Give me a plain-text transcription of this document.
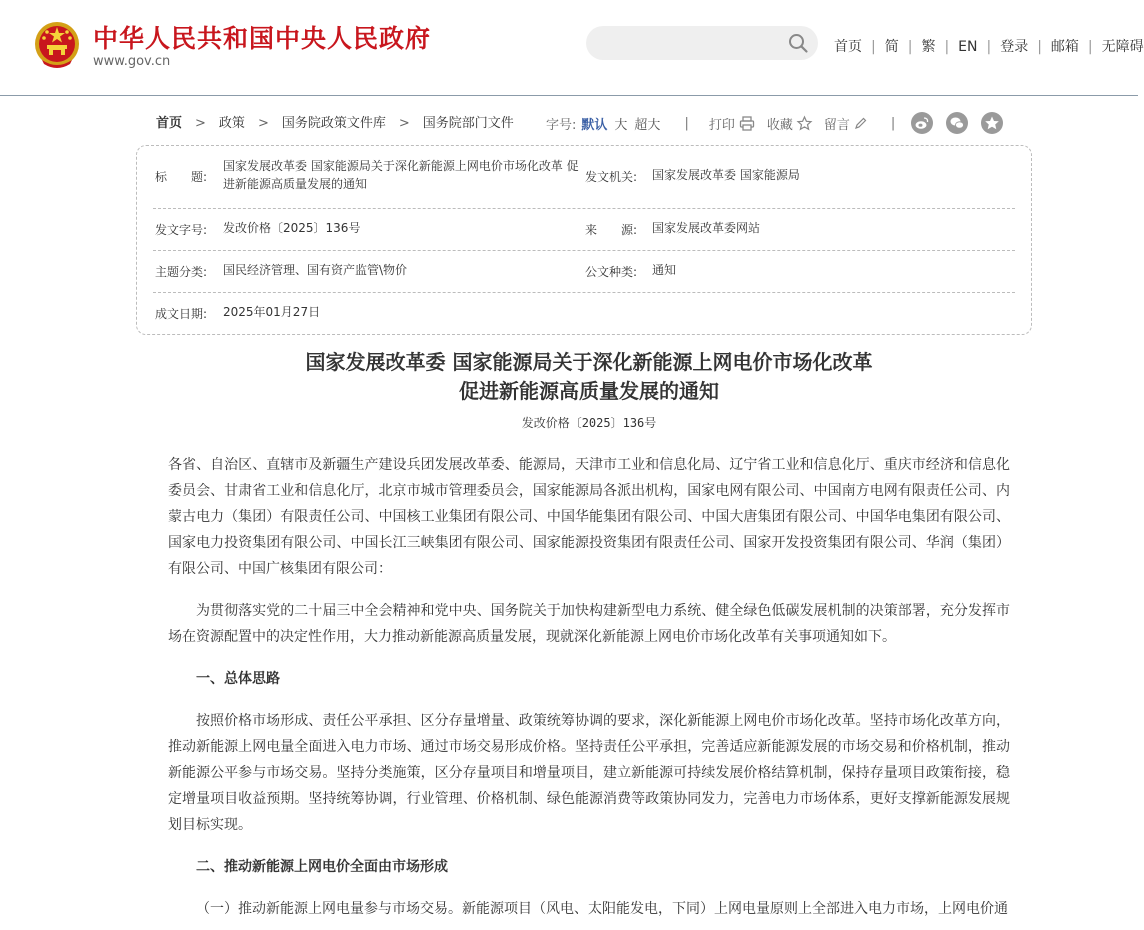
中华人民共和国中央人民政府
www.gov.cn
首页 | 简 | 繁 | EN | 登录 | 邮箱 | 无障碍
首页 > 政策 > 国务院政策文件库 > 国务院部门文件 字号: 默认 大 超大 | 打印 收藏 留言	|
标　　题:
国家发展改革委 国家能源局关于深化新能源上网电价市场化改革 促进新能源高质量发展的通知	发文机关: 国家发展改革委 国家能源局
发文字号: 发改价格〔2025〕136号	来　　源: 国家发展改革委网站
主题分类: 国民经济管理、国有资产监管\物价	公文种类: 通知
成文日期: 2025年01月27日
国家发展改革委 国家能源局关于深化新能源上网电价市场化改革
促进新能源高质量发展的通知
发改价格〔2025〕136号

各省、自治区、直辖市及新疆生产建设兵团发展改革委、能源局，天津市工业和信息化局、辽宁省工业和信息化厅、重庆市经济和信息化委员会、甘肃省工业和信息化厅，北京市城市管理委员会，国家能源局各派出机构，国家电网有限公司、中国南方电网有限责任公司、内蒙古电力（集团）有限责任公司、中国核工业集团有限公司、中国华能集团有限公司、中国大唐集团有限公司、中国华电集团有限公司、国家电力投资集团有限公司、中国长江三峡集团有限公司、国家能源投资集团有限责任公司、国家开发投资集团有限公司、华润（集团）有限公司、中国广核集团有限公司：

为贯彻落实党的二十届三中全会精神和党中央、国务院关于加快构建新型电力系统、健全绿色低碳发展机制的决策部署，充分发挥市场在资源配置中的决定性作用，大力推动新能源高质量发展，现就深化新能源上网电价市场化改革有关事项通知如下。

一、总体思路

按照价格市场形成、责任公平承担、区分存量增量、政策统筹协调的要求，深化新能源上网电价市场化改革。坚持市场化改革方向，推动新能源上网电量全面进入电力市场、通过市场交易形成价格。坚持责任公平承担，完善适应新能源发展的市场交易和价格机制，推动新能源公平参与市场交易。坚持分类施策，区分存量项目和增量项目，建立新能源可持续发展价格结算机制，保持存量项目政策衔接，稳定增量项目收益预期。坚持统筹协调，行业管理、价格机制、绿色能源消费等政策协同发力，完善电力市场体系，更好支撑新能源发展规划目标实现。

二、推动新能源上网电价全面由市场形成

（一）推动新能源上网电量参与市场交易。新能源项目（风电、太阳能发电，下同）上网电量原则上全部进入电力市场，上网电价通
